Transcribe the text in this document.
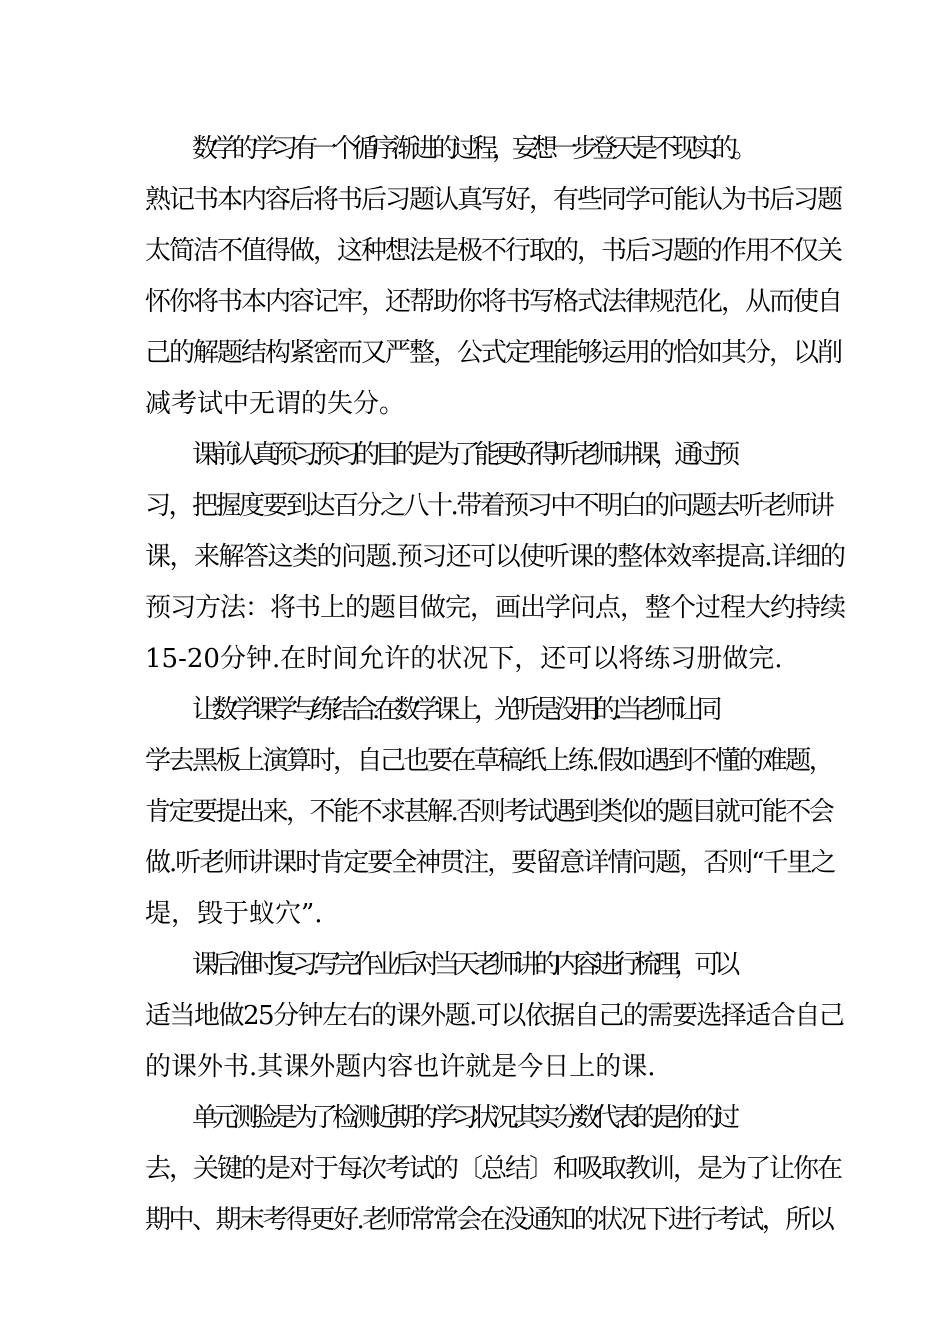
数学的学习有一个循序渐进的过程，妄想一步登天是不现实的。

熟记书本内容后将书后习题认真写好，有些同学可能认为书后习题

太简洁不值得做，这种想法是极不行取的，书后习题的作用不仅关

怀你将书本内容记牢，还帮助你将书写格式法律规范化，从而使自

己的解题结构紧密而又严整，公式定理能够运用的恰如其分，以削

减考试中无谓的失分。

课前认真预习.预习的目的是为了能更好得听老师讲课，通过预

习，把握度要到达百分之八十.带着预习中不明白的问题去听老师讲

课，来解答这类的问题.预习还可以使听课的整体效率提高.详细的

预习方法：将书上的题目做完，画出学问点，整个过程大约持续

15-20分钟.在时间允许的状况下，还可以将练习册做完.

让数学课学与练结合.在数学课上，光听是没用的.当老师让同

学去黑板上演算时，自己也要在草稿纸上练.假如遇到不懂的难题，

肯定要提出来，不能不求甚解.否则考试遇到类似的题目就可能不会

做.听老师讲课时肯定要全神贯注，要留意详情问题，否则“千里之

堤，毁于蚁穴”.

课后准时复习.写完作业后对当天老师讲的内容进行梳理，可以

适当地做25分钟左右的课外题.可以依据自己的需要选择适合自己

的课外书.其课外题内容也许就是今日上的课.

单元测验是为了检测近期的学习状况.其实分数代表的是你的过

去，关键的是对于每次考试的〔总结〕和吸取教训，是为了让你在

期中、期末考得更好.老师常常会在没通知的状况下进行考试，所以
